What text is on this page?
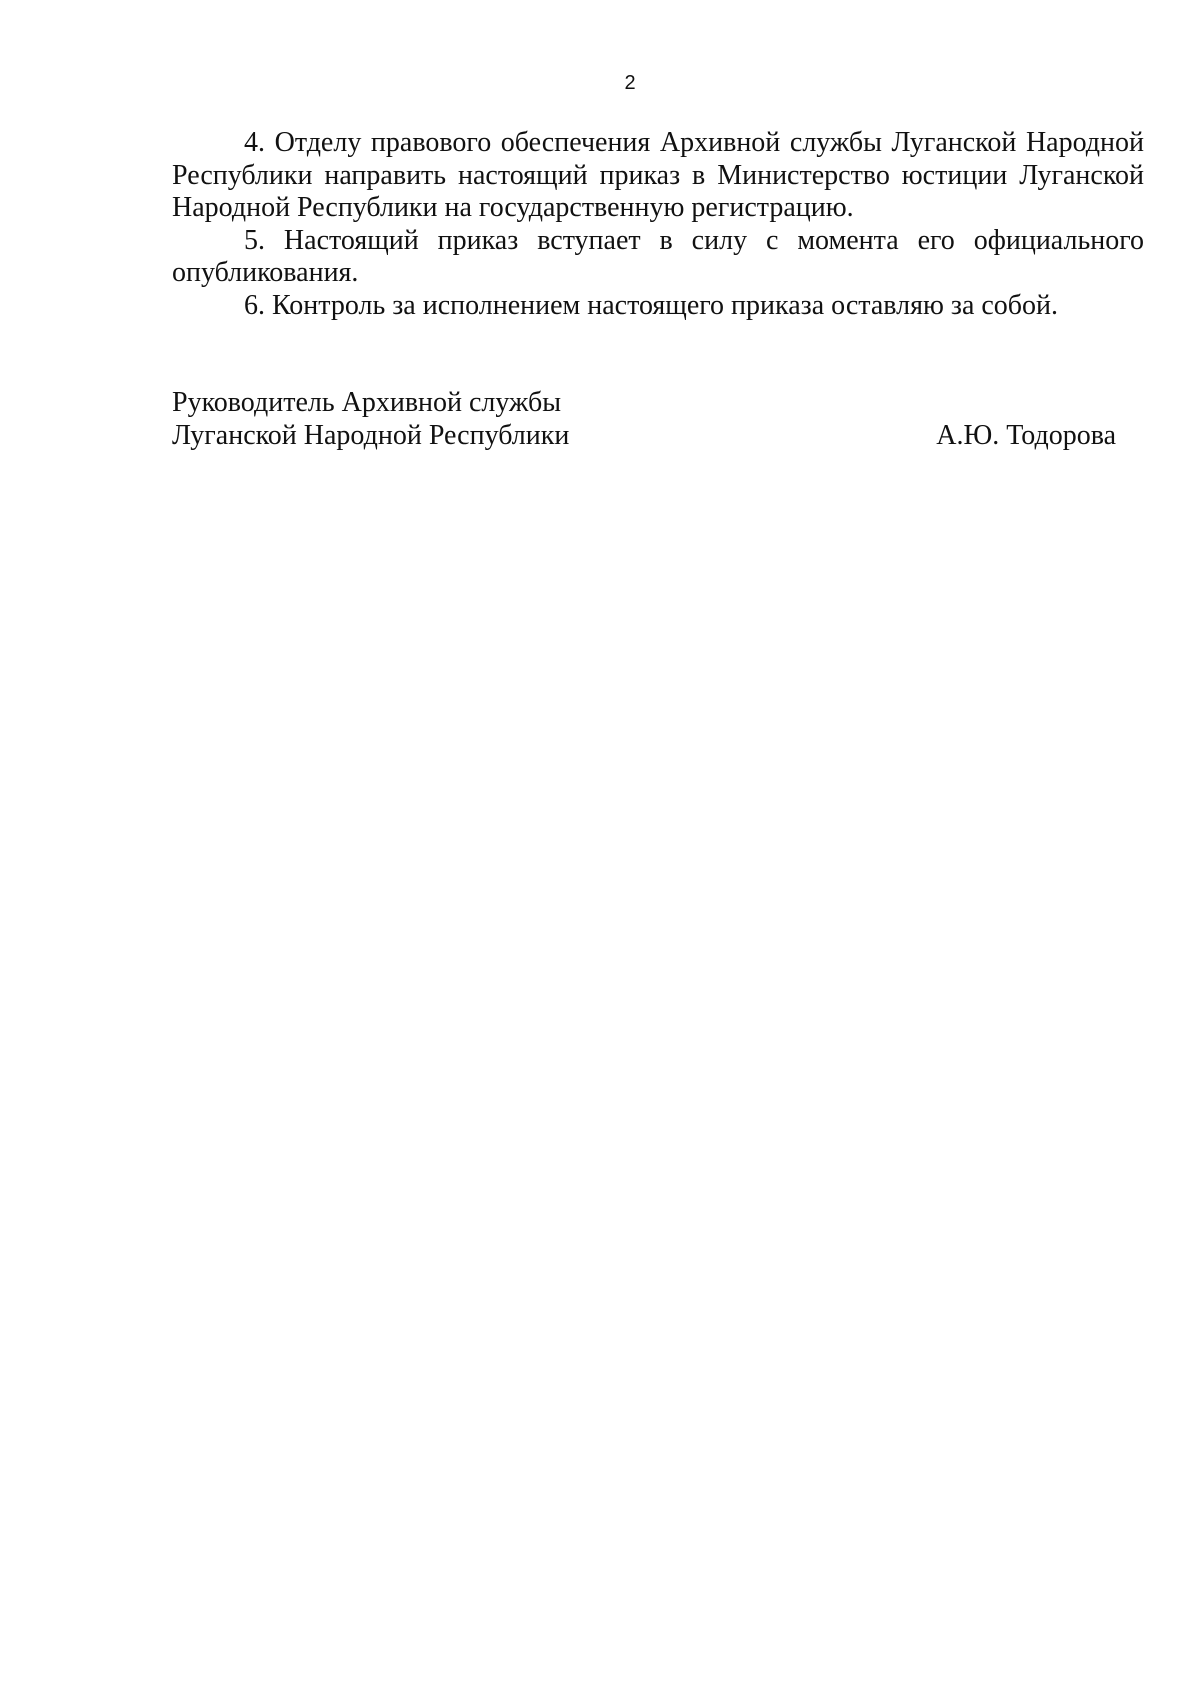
2

4. Отделу правового обеспечения Архивной службы Луганской Народной Республики направить настоящий приказ в Министерство юстиции Луганской Народной Республики на государственную регистрацию.

5. Настоящий приказ вступает в силу с момента его официального опубликования.

6. Контроль за исполнением настоящего приказа оставляю за собой.

Руководитель Архивной службы
Луганской Народной Республики	А.Ю. Тодорова
